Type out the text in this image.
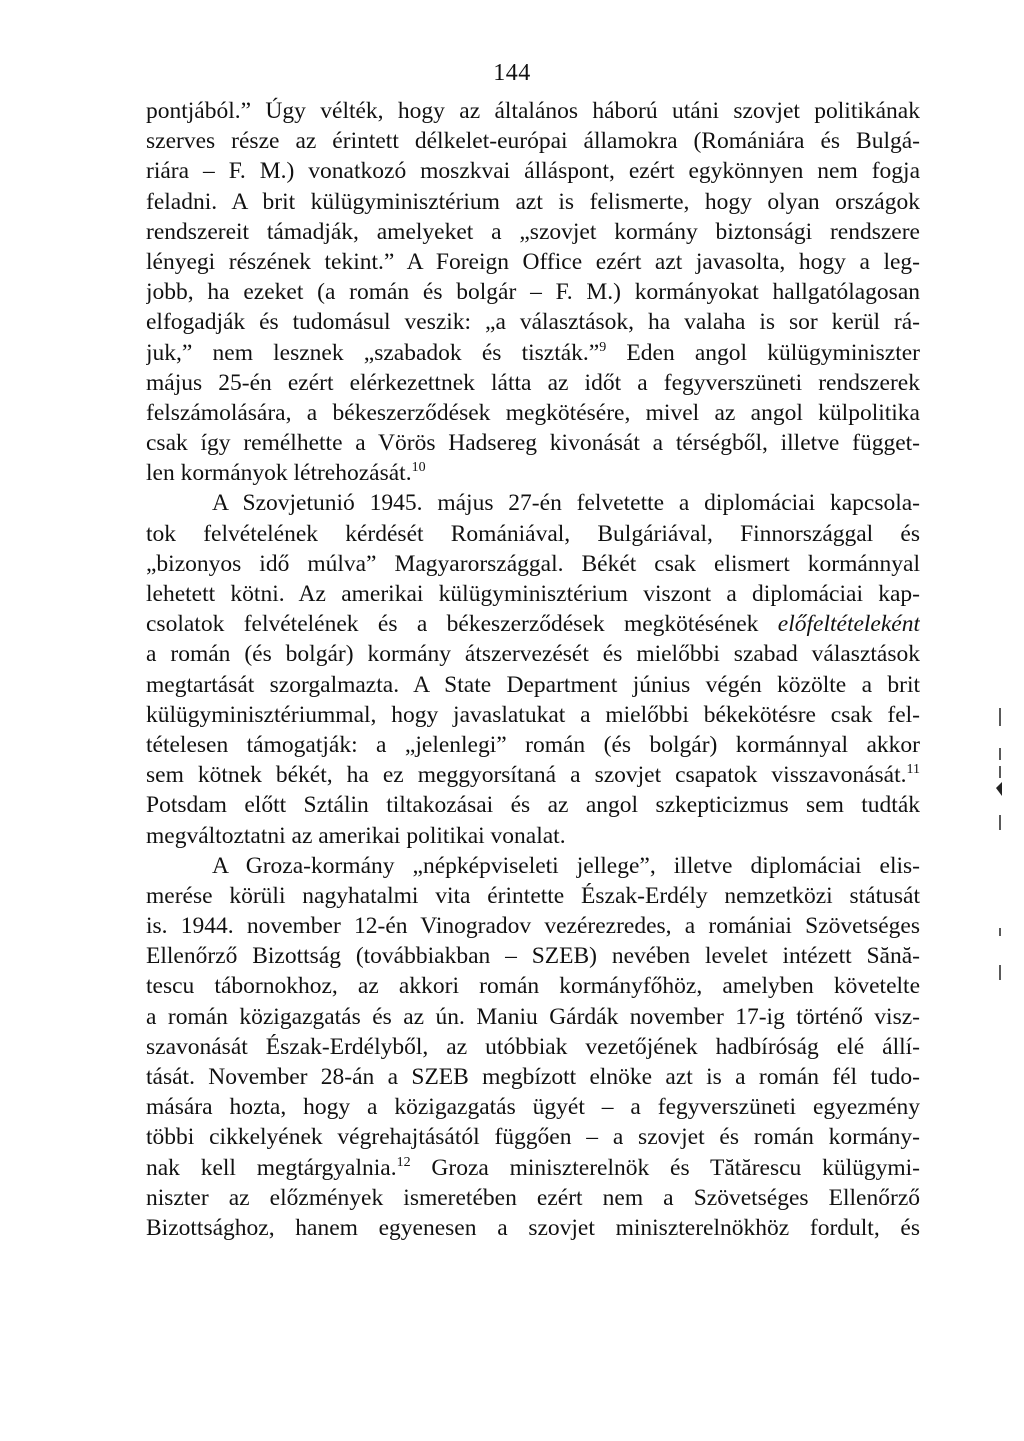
144
pontjából.” Úgy vélték, hogy az általános háború utáni szovjet politikának
szerves része az érintett délkelet-európai államokra (Romániára és Bulgá-
riára – F. M.) vonatkozó moszkvai álláspont, ezért egykönnyen nem fogja
feladni. A brit külügyminisztérium azt is felismerte, hogy olyan országok
rendszereit támadják, amelyeket a „szovjet kormány biztonsági rendszere
lényegi részének tekint.” A Foreign Office ezért azt javasolta, hogy a leg-
jobb, ha ezeket (a román és bolgár – F. M.) kormányokat hallgatólagosan
elfogadják és tudomásul veszik: „a választások, ha valaha is sor kerül rá-
juk,” nem lesznek „szabadok és tiszták.”$^9$ Eden angol külügyminiszter
május 25-én ezért elérkezettnek látta az időt a fegyverszüneti rendszerek
felszámolására, a békeszerződések megkötésére, mivel az angol külpolitika
csak így remélhette a Vörös Hadsereg kivonását a térségből, illetve függet-
len kormányok létrehozását.$^{10}$
A Szovjetunió 1945. május 27-én felvetette a diplomáciai kapcsola-
tok felvételének kérdését Romániával, Bulgáriával, Finnországgal és
„bizonyos idő múlva” Magyarországgal. Békét csak elismert kormánnyal
lehetett kötni. Az amerikai külügyminisztérium viszont a diplomáciai kap-
csolatok felvételének és a békeszerződések megkötésének előfeltételeként
a román (és bolgár) kormány átszervezését és mielőbbi szabad választások
megtartását szorgalmazta. A State Department június végén közölte a brit
külügyminisztériummal, hogy javaslatukat a mielőbbi békekötésre csak fel-
tételesen támogatják: a „jelenlegi” román (és bolgár) kormánnyal akkor
sem kötnek békét, ha ez meggyorsítaná a szovjet csapatok visszavonását.$^{11}$
Potsdam előtt Sztálin tiltakozásai és az angol szkepticizmus sem tudták
megváltoztatni az amerikai politikai vonalat.
A Groza-kormány „népképviseleti jellege”, illetve diplomáciai elis-
merése körüli nagyhatalmi vita érintette Észak-Erdély nemzetközi státusát
is. 1944. november 12-én Vinogradov vezérezredes, a romániai Szövetséges
Ellenőrző Bizottság (továbbiakban – SZEB) nevében levelet intézett Sănă-
tescu tábornokhoz, az akkori román kormányfőhöz, amelyben követelte
a román közigazgatás és az ún. Maniu Gárdák november 17-ig történő visz-
szavonását Észak-Erdélyből, az utóbbiak vezetőjének hadbíróság elé állí-
tását. November 28-án a SZEB megbízott elnöke azt is a román fél tudo-
mására hozta, hogy a közigazgatás ügyét – a fegyverszüneti egyezmény
többi cikkelyének végrehajtásától függően – a szovjet és román kormány-
nak kell megtárgyalnia.$^{12}$ Groza miniszterelnök és Tătărescu külügymi-
niszter az előzmények ismeretében ezért nem a Szövetséges Ellenőrző
Bizottsághoz, hanem egyenesen a szovjet miniszterelnökhöz fordult, és
